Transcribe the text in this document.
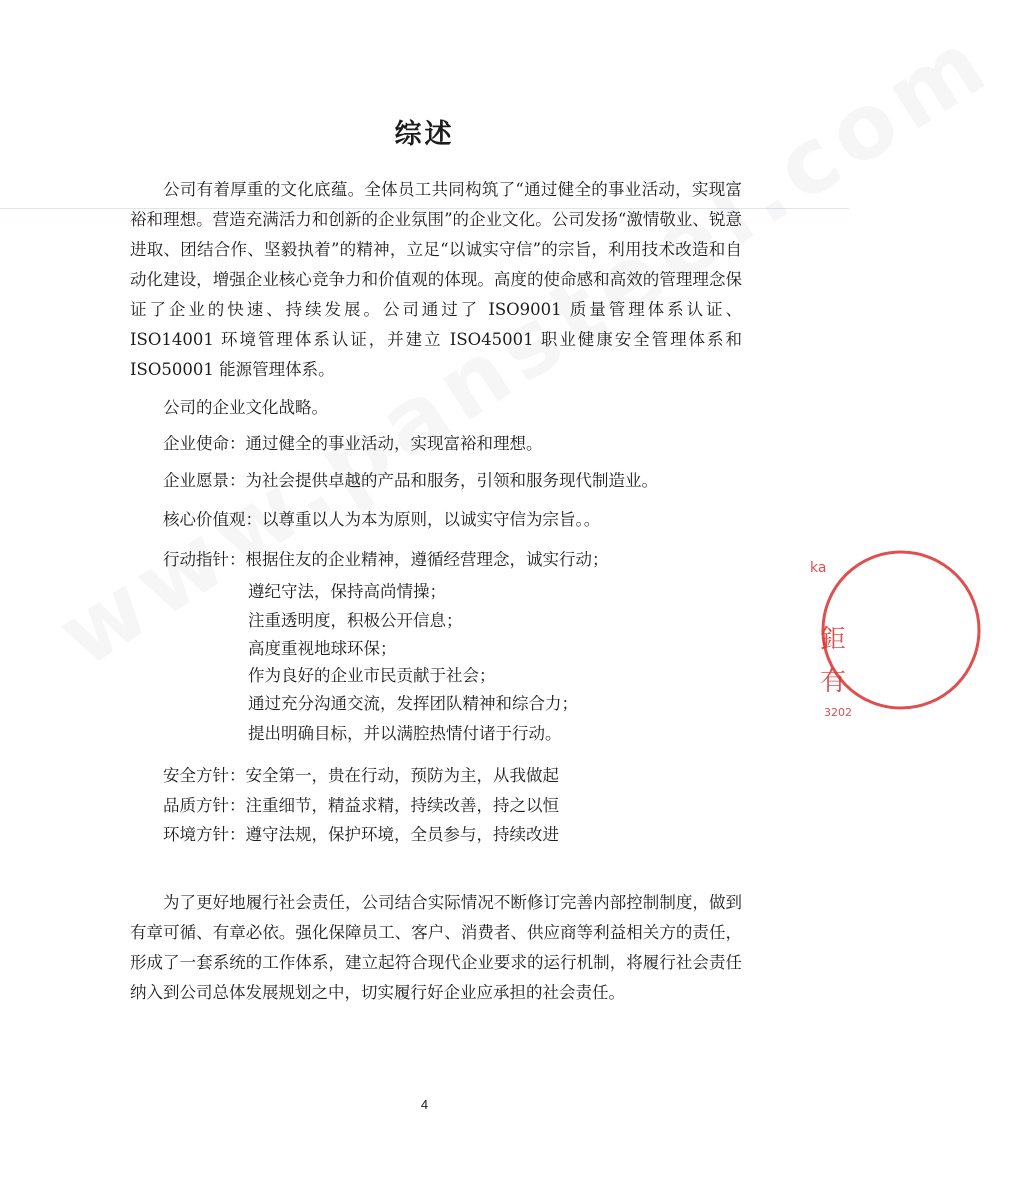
综述

公司有着厚重的文化底蕴。全体员工共同构筑了“通过健全的事业活动，实现富裕和理想。营造充满活力和创新的企业氛围”的企业文化。公司发扬“激情敬业、锐意进取、团结合作、坚毅执着”的精神，立足“以诚实守信”的宗旨，利用技术改造和自动化建设，增强企业核心竞争力和价值观的体现。高度的使命感和高效的管理理念保证了企业的快速、持续发展。公司通过了 ISO9001 质量管理体系认证、ISO14001 环境管理体系认证，并建立 ISO45001 职业健康安全管理体系和 ISO50001 能源管理体系。

公司的企业文化战略。
企业使命：通过健全的事业活动，实现富裕和理想。
企业愿景：为社会提供卓越的产品和服务，引领和服务现代制造业。
核心价值观：以尊重以人为本为原则，以诚实守信为宗旨。。
行动指针：根据住友的企业精神，遵循经营理念，诚实行动；
遵纪守法，保持高尚情操；
注重透明度，积极公开信息；
高度重视地球环保；
作为良好的企业市民贡献于社会；
通过充分沟通交流，发挥团队精神和综合力；
提出明确目标，并以满腔热情付诸于行动。
安全方针：安全第一，贵在行动，预防为主，从我做起
品质方针：注重细节，精益求精，持续改善，持之以恒
环境方针：遵守法规，保护环境，全员参与，持续改进

为了更好地履行社会责任，公司结合实际情况不断修订完善内部控制制度，做到有章可循、有章必依。强化保障员工、客户、消费者、供应商等利益相关方的责任，形成了一套系统的工作体系，建立起符合现代企业要求的运行机制，将履行社会责任纳入到公司总体发展规划之中，切实履行好企业应承担的社会责任。

ka
鉅
有
3202
4
